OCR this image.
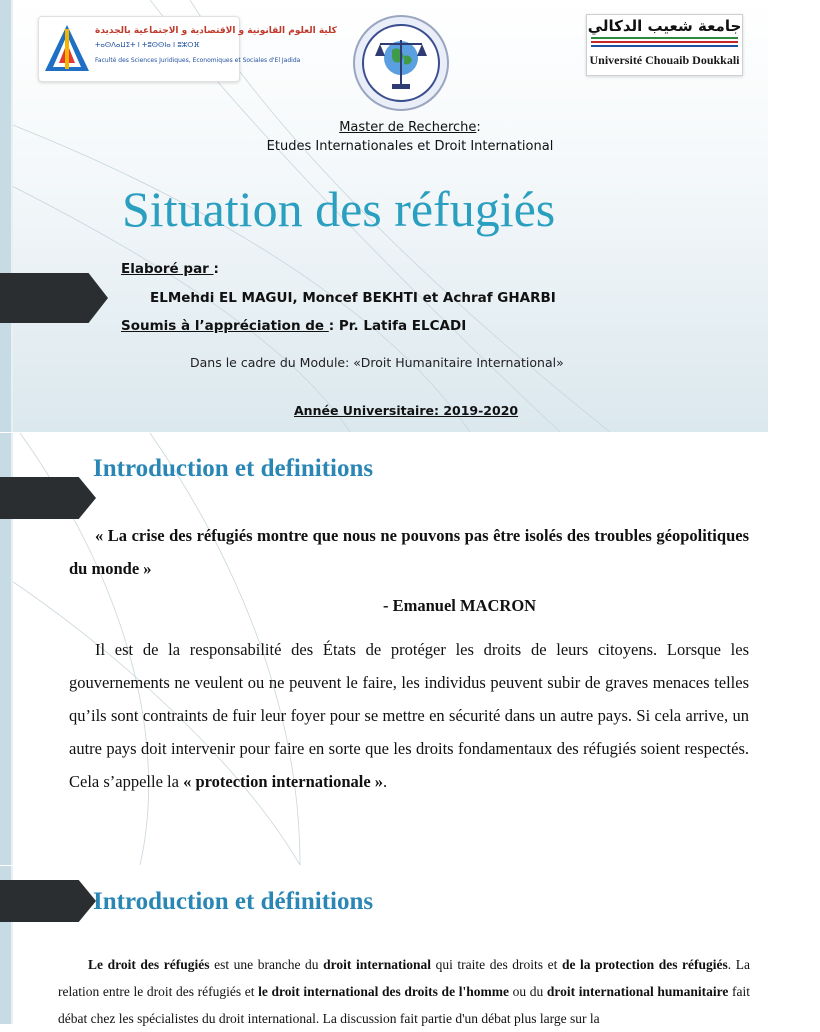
كلية العلوم القانونية و الاقتصادية و الاجتماعية بالجديدة
ⵜⴰⵙⴷⴰⵡⵉⵜ ⵏ ⵜⵓⵙⵙⵏⴰ ⵏ ⵓⵣⵔⴼ
Faculté des Sciences Juridiques, Economiques et Sociales d'El Jadida
جامعة شعيب الدكالي
Université Chouaib Doukkali
Master de Recherche:
Etudes Internationales et Droit International
Situation des réfugiés
Elaboré par :
ELMehdi EL MAGUI, Moncef BEKHTI et Achraf GHARBI
Soumis à l’appréciation de : Pr. Latifa ELCADI
Dans le cadre du Module: «Droit Humanitaire International»
Année Universitaire: 2019-2020
Introduction et definitions

« La crise des réfugiés montre que nous ne pouvons pas être isolés des troubles géopolitiques du monde »

- Emanuel MACRON

Il est de la responsabilité des États de protéger les droits de leurs citoyens. Lorsque les gouvernements ne veulent ou ne peuvent le faire, les individus peuvent subir de graves menaces telles qu’ils sont contraints de fuir leur foyer pour se mettre en sécurité dans un autre pays. Si cela arrive, un autre pays doit intervenir pour faire en sorte que les droits fondamentaux des réfugiés soient respectés. Cela s’appelle la « protection internationale ».

Introduction et définitions

Le droit des réfugiés est une branche du droit international qui traite des droits et de la protection des réfugiés. La relation entre le droit des réfugiés et le droit international des droits de l'homme ou du droit international humanitaire fait débat chez les spécialistes du droit international. La discussion fait partie d'un débat plus large sur la
